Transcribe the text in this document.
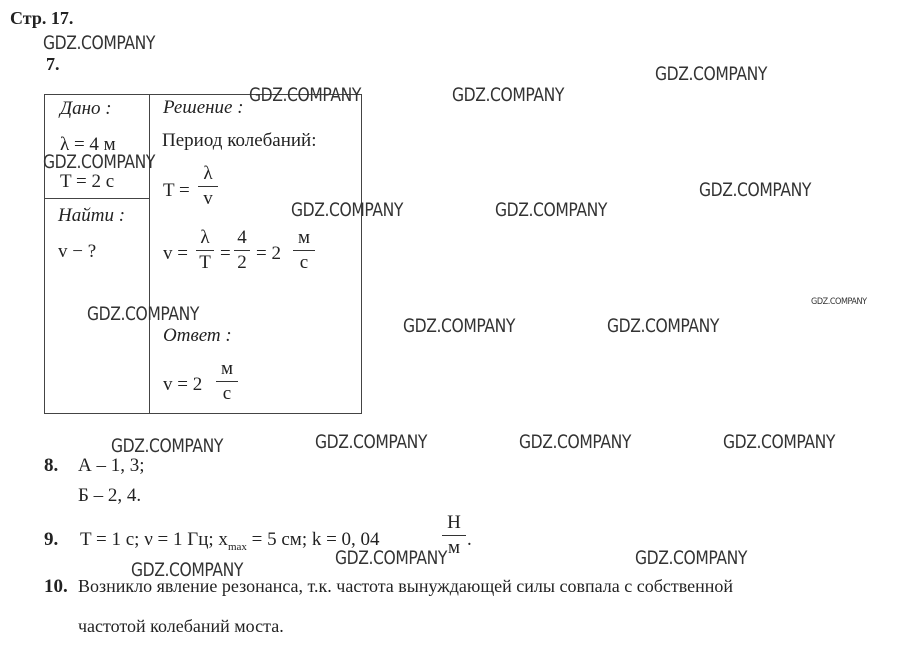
Стр. 17.
7.
Дано :
λ = 4 м
T = 2 с
Найти :
v − ?
Решение :
Период колебаний:
T =
λ
v
v =
λ
T =
4
2 = 2
м
с
Ответ :
v = 2
м
с
8. А – 1, 3;
Б – 2, 4.
9. T = 1 с; ν = 1 Гц; $x_{max} = 5$ см; k = 0, 04
Н
м .
10. Возникло явление резонанса, т.к. частота вынуждающей силы совпала с собственной
частотой колебаний моста.
GDZ.COMPANY
GDZ.COMPANY	GDZ.COMPANY
GDZ.COMPANY
GDZ.COMPANY
GDZ.COMPANY
GDZ.COMPANY	GDZ.COMPANY
GDZ.COMPANY
GDZ.COMPANY
GDZ.COMPANY	GDZ.COMPANY
GDZ.COMPANY	GDZ.COMPANY	GDZ.COMPANY	GDZ.COMPANY
GDZ.COMPANY	GDZ.COMPANY
GDZ.COMPANY
